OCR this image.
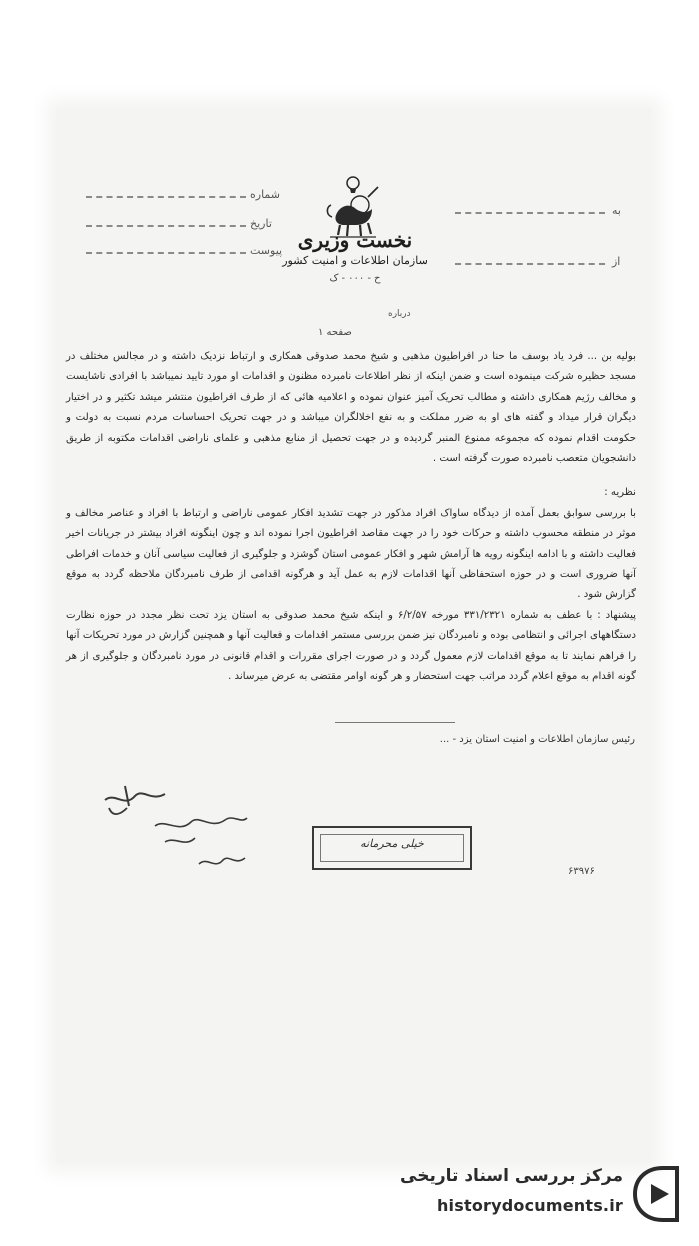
شماره
تاریخ
پیوست
به
از
نخست وزیری
سازمان اطلاعات و امنیت کشور
ح - ۰۰۰ - ک
درباره
صفحه ۱

بولیه بن ... فرد یاد بوسف ما حنا در افراطیون مذهبی و شیخ محمد صدوقی همکاری و ارتباط نزدیک داشته و در مجالس مختلف در مسجد حظیره شرکت مینموده است و ضمن اینکه از نظر اطلاعات نامبرده مظنون و اقدامات او مورد تایید نمیباشد با افرادی ناشایست و مخالف رژیم همکاری داشته و مطالب تحریک آمیز عنوان نموده و اعلامیه هائی که از طرف افراطیون منتشر میشد تکثیر و در اختیار دیگران قرار میداد و گفته های او به ضرر مملکت و به نفع اخلالگران میباشد و در جهت تحریک احساسات مردم نسبت به دولت و حکومت اقدام نموده که مجموعه ممنوع المنبر گردیده و در جهت تحصیل از منابع مذهبی و علمای ناراضی اقدامات مکتوبه از طریق دانشجویان متعصب نامبرده صورت گرفته است .

نظریه :

با بررسی سوابق بعمل آمده از دیدگاه ساواک افراد مذکور در جهت تشدید افکار عمومی ناراضی و ارتباط با افراد و عناصر مخالف و موثر در منطقه محسوب داشته و حرکات خود را در جهت مقاصد افراطیون اجرا نموده اند و چون اینگونه افراد بیشتر در جریانات اخیر فعالیت داشته و با ادامه اینگونه رویه ها آرامش شهر و افکار عمومی استان گوشزد و جلوگیری از فعالیت سیاسی آنان و خدمات افراطی آنها ضروری است و در حوزه استحفاظی آنها اقدامات لازم به عمل آید و هرگونه اقدامی از طرف نامبردگان ملاحظه گردد به موقع گزارش شود .

پیشنهاد : با عطف به شماره ۳۳۱/۲۳۲۱ مورخه ۶/۲/۵۷ و اینکه شیخ محمد صدوقی به استان یزد تحت نظر مجدد در حوزه نظارت دستگاههای اجرائی و انتظامی بوده و نامبردگان نیز ضمن بررسی مستمر اقدامات و فعالیت آنها و همچنین گزارش در مورد تحریکات آنها را فراهم نمایند تا به موقع اقدامات لازم معمول گردد و در صورت اجرای مقررات و اقدام قانونی در مورد نامبردگان و جلوگیری از هر گونه اقدام به موقع اعلام گردد مراتب جهت استحضار و هر گونه اوامر مقتضی به عرض میرساند .

رئیس سازمان اطلاعات و امنیت استان یزد - ...
خیلی محرمانه
۶۳۹۷۶
مرکز بررسی اسناد تاریخی
historydocuments.ir
